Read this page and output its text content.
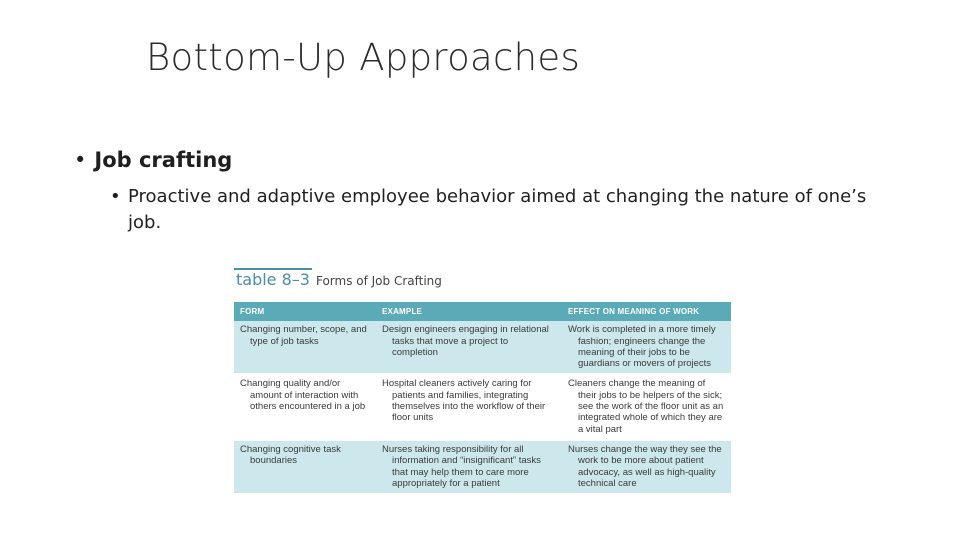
Bottom-Up Approaches
• Job crafting
• Proactive and adaptive employee behavior aimed at changing the nature of one’s job.
table 8–3 Forms of Job Crafting
FORM	EXAMPLE	EFFECT ON MEANING OF WORK

Changing number, scope, and type of job tasks	Design engineers engaging in relational tasks that move a project to completion	Work is completed in a more timely fashion; engineers change the meaning of their jobs to be guardians or movers of projects

Changing quality and/or amount of interaction with others encountered in a job	Hospital cleaners actively caring for patients and families, integrating themselves into the workflow of their floor units	Cleaners change the meaning of their jobs to be helpers of the sick; see the work of the floor unit as an integrated whole of which they are a vital part

Changing cognitive task boundaries	Nurses taking responsibility for all information and “insignificant” tasks that may help them to care more appropriately for a patient	Nurses change the way they see the work to be more about patient advocacy, as well as high-quality technical care
